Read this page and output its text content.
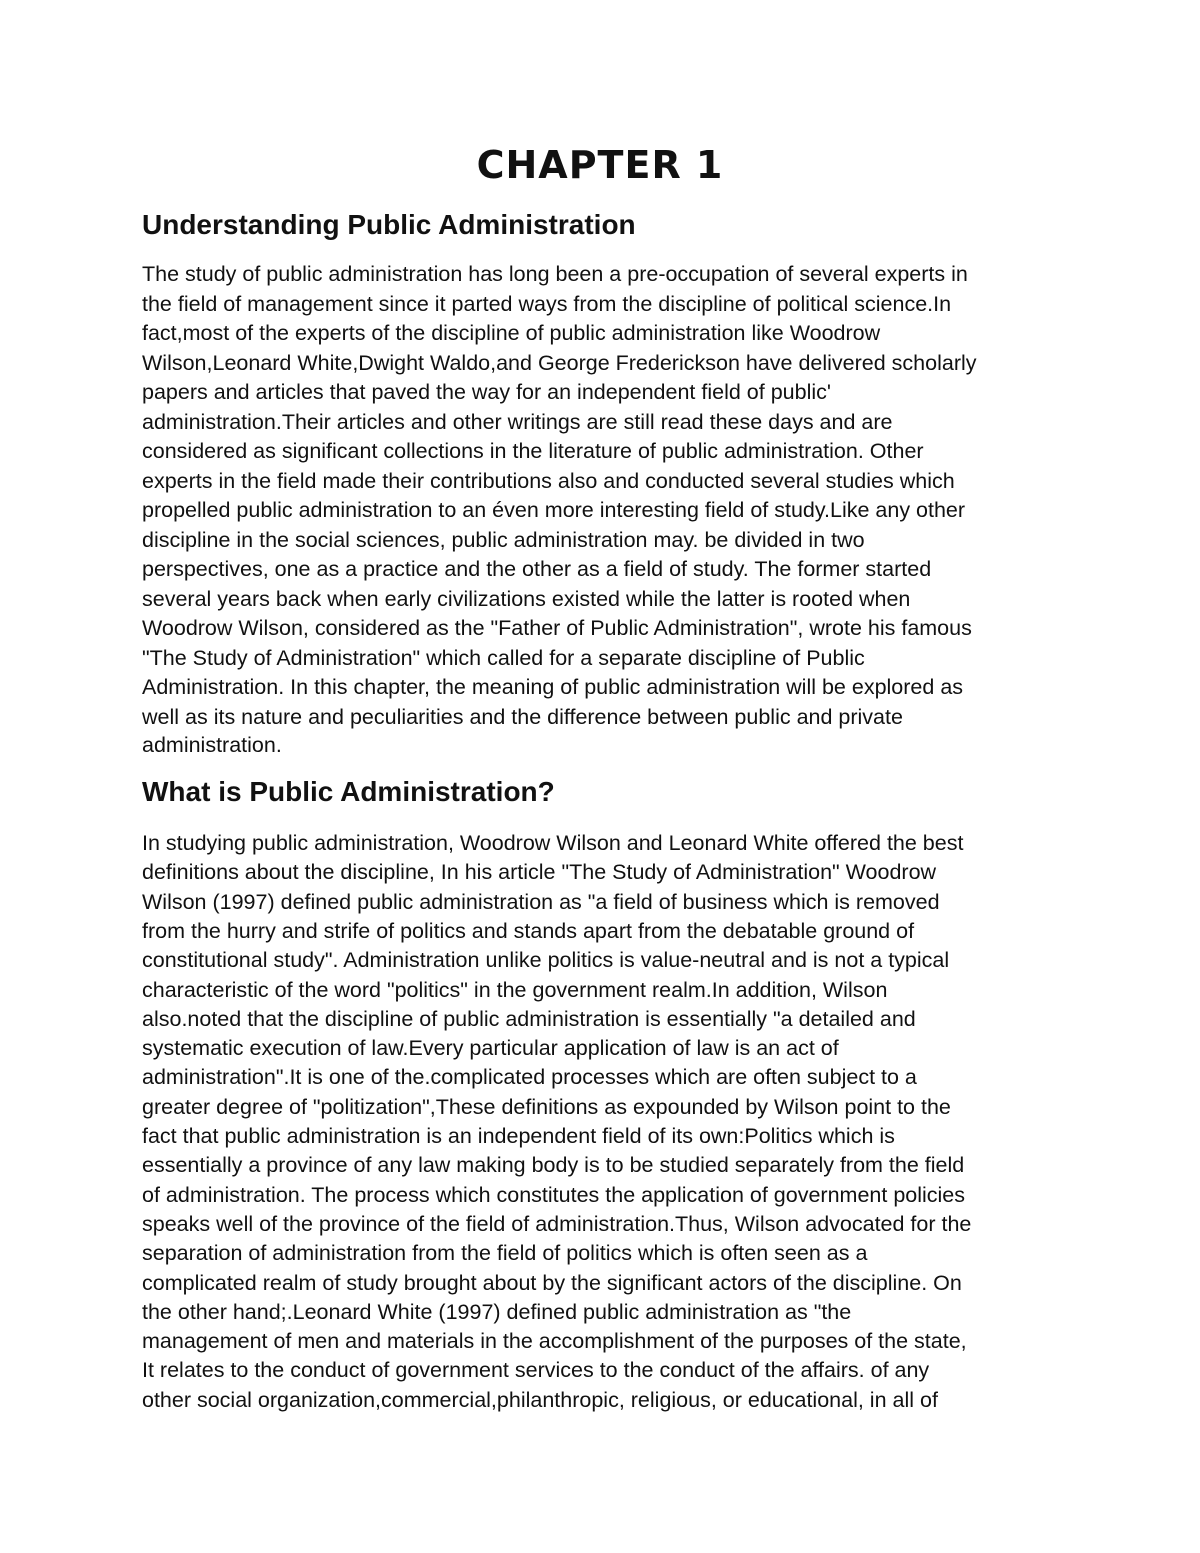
CHAPTER 1
Understanding Public Administration

The study of public administration has long been a pre-occupation of several experts in

the field of management since it parted ways from the discipline of political science.In

fact,most of the experts of the discipline of public administration like Woodrow

Wilson,Leonard White,Dwight Waldo,and George Frederickson have delivered scholarly

papers and articles that paved the way for an independent field of public'

administration.Their articles and other writings are still read these days and are

considered as significant collections in the literature of public administration. Other

experts in the field made their contributions also and conducted several studies which

propelled public administration to an éven more interesting field of study.Like any other

discipline in the social sciences, public administration may. be divided in two

perspectives, one as a practice and the other as a field of study. The former started

several years back when early civilizations existed while the latter is rooted when

Woodrow Wilson, considered as the "Father of Public Administration", wrote his famous

"The Study of Administration" which called for a separate discipline of Public

Administration. In this chapter, the meaning of public administration will be explored as

well as its nature and peculiarities and the difference between public and private

administration.

What is Public Administration?

In studying public administration, Woodrow Wilson and Leonard White offered the best

definitions about the discipline, In his article "The Study of Administration" Woodrow

Wilson (1997) defined public administration as "a field of business which is removed

from the hurry and strife of politics and stands apart from the debatable ground of

constitutional study". Administration unlike politics is value-neutral and is not a typical

characteristic of the word "politics" in the government realm.In addition, Wilson

also.noted that the discipline of public administration is essentially "a detailed and

systematic execution of law.Every particular application of law is an act of

administration".It is one of the.complicated processes which are often subject to a

greater degree of "politization",These definitions as expounded by Wilson point to the

fact that public administration is an independent field of its own:Politics which is

essentially a province of any law making body is to be studied separately from the field

of administration. The process which constitutes the application of government policies

speaks well of the province of the field of administration.Thus, Wilson advocated for the

separation of administration from the field of politics which is often seen as a

complicated realm of study brought about by the significant actors of the discipline. On

the other hand;.Leonard White (1997) defined public administration as "the

management of men and materials in the accomplishment of the purposes of the state,

It relates to the conduct of government services to the conduct of the affairs. of any

other social organization,commercial,philanthropic, religious, or educational, in all of
